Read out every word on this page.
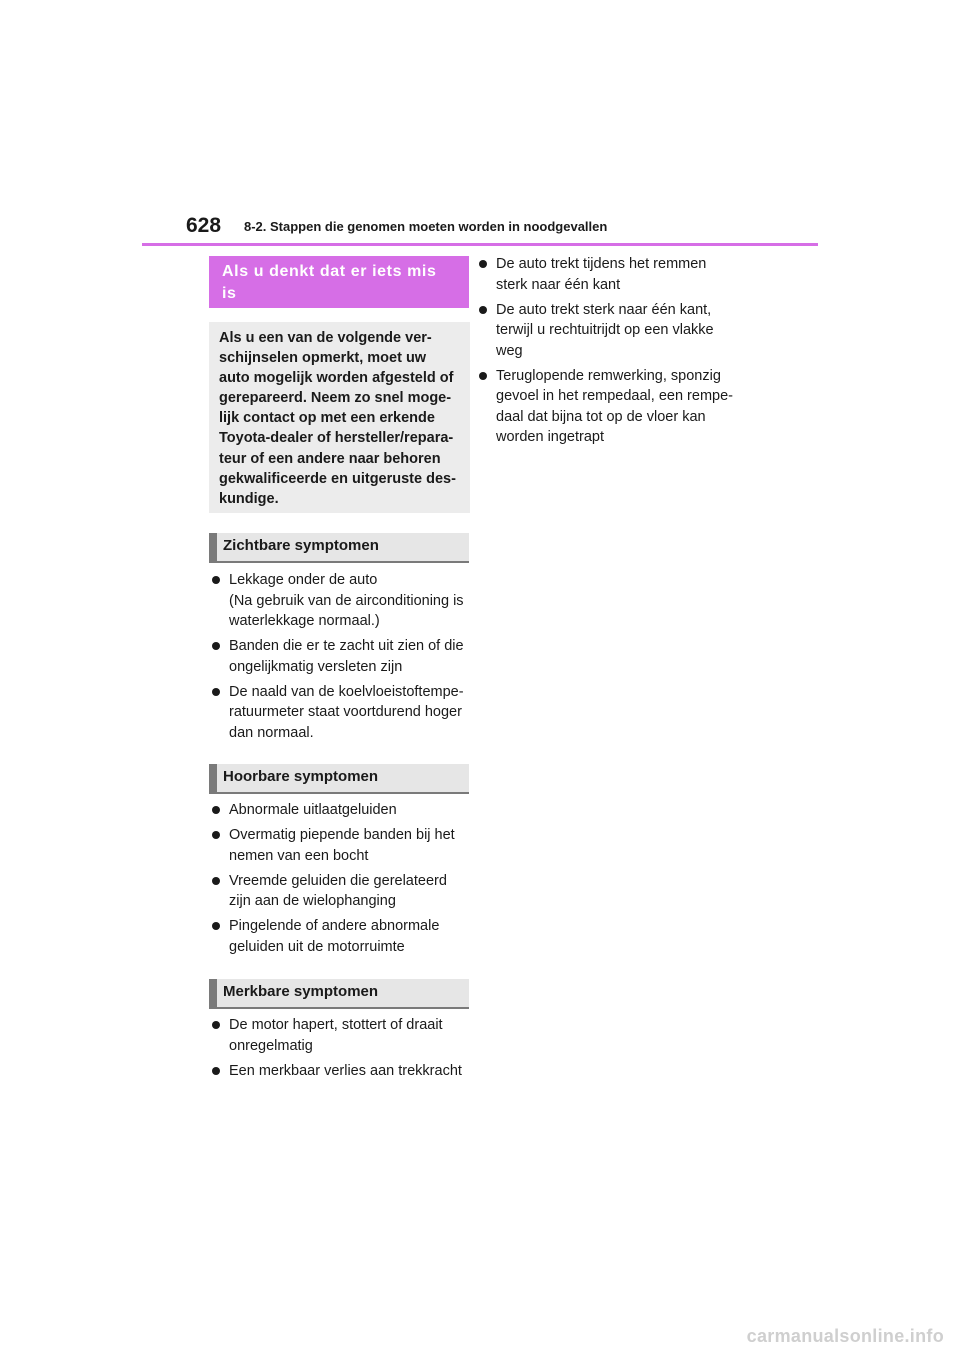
628 8-2. Stappen die genomen moeten worden in noodgevallen
Als u denkt dat er iets mis
is
Als u een van de volgende ver-
schijnselen opmerkt, moet uw
auto mogelijk worden afgesteld of
gerepareerd. Neem zo snel moge-
lijk contact op met een erkende
Toyota-dealer of hersteller/repara-
teur of een andere naar behoren
gekwalificeerde en uitgeruste des-
kundige.
Zichtbare symptomen
Lekkage onder de auto
(Na gebruik van de airconditioning is
waterlekkage normaal.)
Banden die er te zacht uit zien of die
ongelijkmatig versleten zijn
De naald van de koelvloeistoftempe-
ratuurmeter staat voortdurend hoger
dan normaal.
Hoorbare symptomen
Abnormale uitlaatgeluiden
Overmatig piepende banden bij het
nemen van een bocht
Vreemde geluiden die gerelateerd
zijn aan de wielophanging
Pingelende of andere abnormale
geluiden uit de motorruimte
Merkbare symptomen
De motor hapert, stottert of draait
onregelmatig
Een merkbaar verlies aan trekkracht
De auto trekt tijdens het remmen
sterk naar één kant
De auto trekt sterk naar één kant,
terwijl u rechtuitrijdt op een vlakke
weg
Teruglopende remwerking, sponzig
gevoel in het rempedaal, een rempe-
daal dat bijna tot op de vloer kan
worden ingetrapt
carmanualsonline.info
